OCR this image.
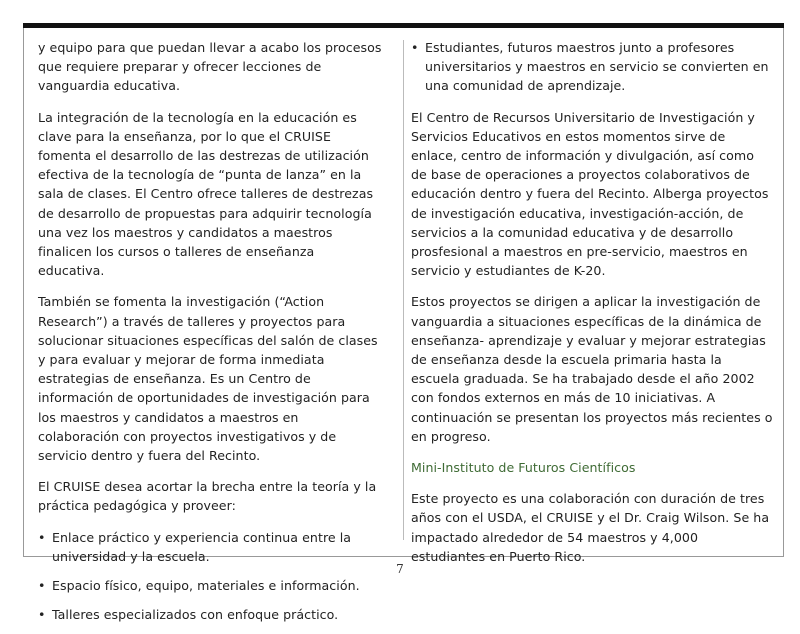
y equipo para que puedan llevar a acabo los procesos que requiere preparar y ofrecer lecciones de vanguardia educativa.

La integración de la tecnología en la educación es clave para la enseñanza, por lo que el CRUISE fomenta el desarrollo de las destrezas de utilización efectiva de la tecnología de “punta de lanza” en la sala de clases. El Centro ofrece talleres de destrezas de desarrollo de propuestas para adquirir tecnología una vez los maestros y candidatos a maestros finalicen los cursos o talleres de enseñanza educativa.

También se fomenta la investigación (“Action Research”) a través de talleres y proyectos para solucionar situaciones específicas del salón de clases y para evaluar y mejorar de forma inmediata estrategias de enseñanza. Es un Centro de información de oportunidades de investigación para los maestros y candidatos a maestros en colaboración con proyectos investigativos y de servicio dentro y fuera del Recinto.

El CRUISE desea acortar la brecha entre la teoría y la práctica pedagógica y proveer:

• Enlace práctico y experiencia continua entre la universidad y la escuela.
• Espacio físico, equipo, materiales e información.
• Talleres especializados con enfoque práctico.
• Estudiantes, futuros maestros junto a profesores universitarios y maestros en servicio se convierten en una comunidad de aprendizaje.

El Centro de Recursos Universitario de Investigación y Servicios Educativos en estos momentos sirve de enlace, centro de información y divulgación, así como de base de operaciones a proyectos colaborativos de educación dentro y fuera del Recinto. Alberga proyectos de investigación educativa, investigación-acción, de servicios a la comunidad educativa y de desarrollo prosfesional a maestros en pre-servicio, maestros en servicio y estudiantes de K-20.

Estos proyectos se dirigen a aplicar la investigación de vanguardia a situaciones específicas de la dinámica de enseñanza- aprendizaje y evaluar y mejorar estrategias de enseñanza desde la escuela primaria hasta la escuela graduada. Se ha trabajado desde el año 2002 con fondos externos en más de 10 iniciativas. A continuación se presentan los proyectos más recientes o en progreso.

Mini-Instituto de Futuros Científicos

Este proyecto es una colaboración con duración de tres años con el USDA, el CRUISE y el Dr. Craig Wilson. Se ha impactado alrededor de 54 maestros y 4,000 estudiantes en Puerto Rico.

7
